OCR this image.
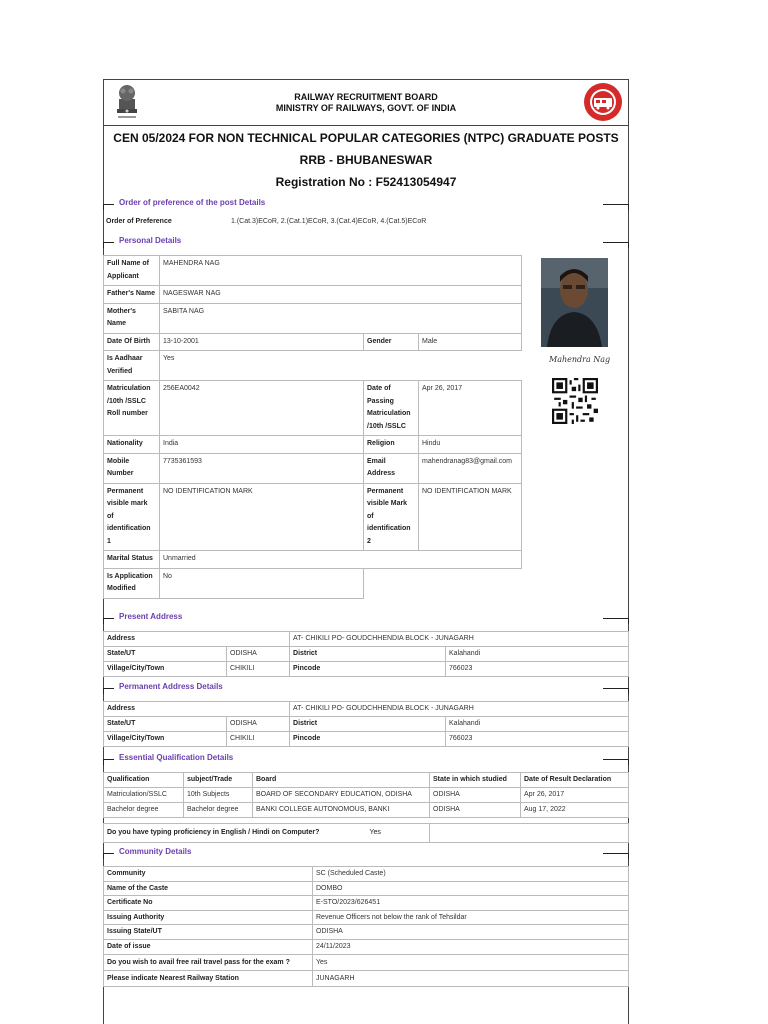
RAILWAY RECRUITMENT BOARD
MINISTRY OF RAILWAYS, GOVT. OF INDIA
CEN 05/2024 FOR NON TECHNICAL POPULAR CATEGORIES (NTPC) GRADUATE POSTS
RRB - BHUBANESWAR
Registration No : F52413054947
Order of preference of the post Details
Order of Preference	1.(Cat.3)ECoR, 2.(Cat.1)ECoR, 3.(Cat.4)ECoR, 4.(Cat.5)ECoR
Personal Details
Full Name of Applicant	MAHENDRA NAG		
Father's Name	NAGESWAR NAG		
Mother's Name	SABITA NAG		
Date Of Birth	13-10-2001	Gender	Male
Is Aadhaar Verified	Yes		
Matriculation /10th /SSLC Roll number	256EA0042	Date of Passing Matriculation /10th /SSLC	Apr 26, 2017
Nationality	India	Religion	Hindu
Mobile Number	7735361593	Email Address	mahendranag83@gmail.com
Permanent visible mark of identification 1	NO IDENTIFICATION MARK	Permanent visible Mark of identification 2	NO IDENTIFICATION MARK
Marital Status	Unmarried		
Is Application Modified	No		
Mahendra Nag
Present Address
Address		AT- CHIKILI PO- GOUDCHHENDIA BLOCK - JUNAGARH	
State/UT	ODISHA	District	Kalahandi
Village/City/Town	CHIKILI	Pincode	766023
Permanent Address Details
Address		AT- CHIKILI PO- GOUDCHHENDIA BLOCK - JUNAGARH	
State/UT	ODISHA	District	Kalahandi
Village/City/Town	CHIKILI	Pincode	766023
Essential Qualification Details
Qualification	subject/Trade	Board	State in which studied	Date of Result Declaration
Matriculation/SSLC	10th Subjects	BOARD OF SECONDARY EDUCATION, ODISHA	ODISHA	Apr 26, 2017
Bachelor degree	Bachelor degree	BANKI COLLEGE AUTONOMOUS, BANKI	ODISHA	Aug 17, 2022

Do you have typing proficiency in English / Hindi on Computer? Yes				

Community Details
Community	SC (Scheduled Caste)
Name of the Caste	DOMBO
Certificate No	E-STO/2023/626451
Issuing Authority	Revenue Officers not below the rank of Tehsildar
Issuing State/UT	ODISHA
Date of issue	24/11/2023
Do you wish to avail free rail travel pass for the exam ?	Yes
Please indicate Nearest Railway Station	JUNAGARH
